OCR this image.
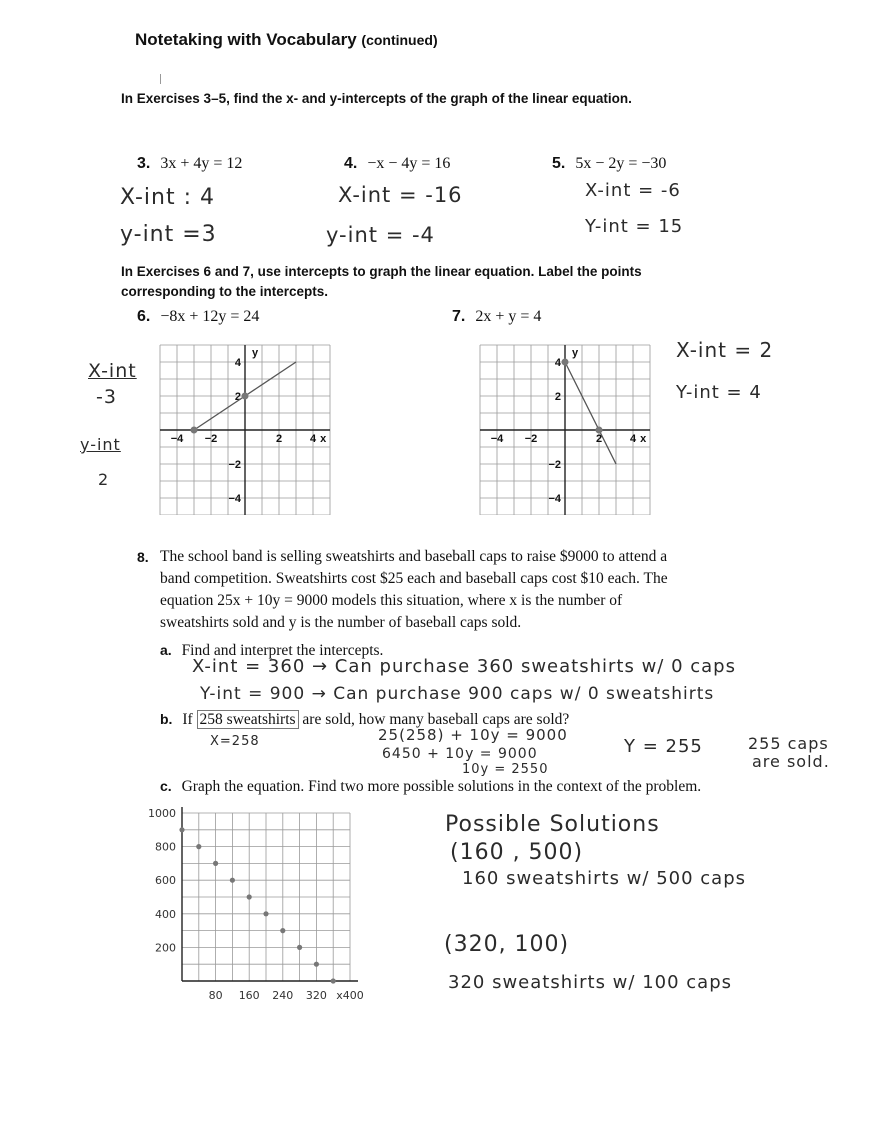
Notetaking with Vocabulary (continued)
In Exercises 3–5, find the x- and y-intercepts of the graph of the linear equation.
3. 3x + 4y = 12	4. −x − 4y = 16	5. 5x − 2y = −30
X-int : 4
y-int =3
X-int = -16
y-int = -4
X-int = -6
Y-int = 15
In Exercises 6 and 7, use intercepts to graph the linear equation. Label the points
corresponding to the intercepts.
6. −8x + 12y = 24	7. 2x + y = 4
X-int
-3
y-int
2
X-int = 2
Y-int = 4
−4 −2	2	4 x
y
4
2
−2
−4
−4 −2	2	4 x
y
4
2
−2
−4
8. The school band is selling sweatshirts and baseball caps to raise $9000 to attend a
band competition. Sweatshirts cost $25 each and baseball caps cost $10 each. The
equation 25x + 10y = 9000 models this situation, where x is the number of
sweatshirts sold and y is the number of baseball caps sold.
a. Find and interpret the intercepts.
X-int = 360 → Can purchase 360 sweatshirts w/ 0 caps
Y-int = 900 → Can purchase 900 caps w/ 0 sweatshirts
b. If 258 sweatshirts are sold, how many baseball caps are sold?
X=258	25(258) + 10y = 9000
6450 + 10y = 9000
10y = 2550
Y = 255	255 caps
are sold.
c. Graph the equation. Find two more possible solutions in the context of the problem.
1000
800
600
400
200
80 160 240 320 x400
Possible Solutions
(160 , 500)
160 sweatshirts w/ 500 caps
(320, 100)
320 sweatshirts w/ 100 caps
